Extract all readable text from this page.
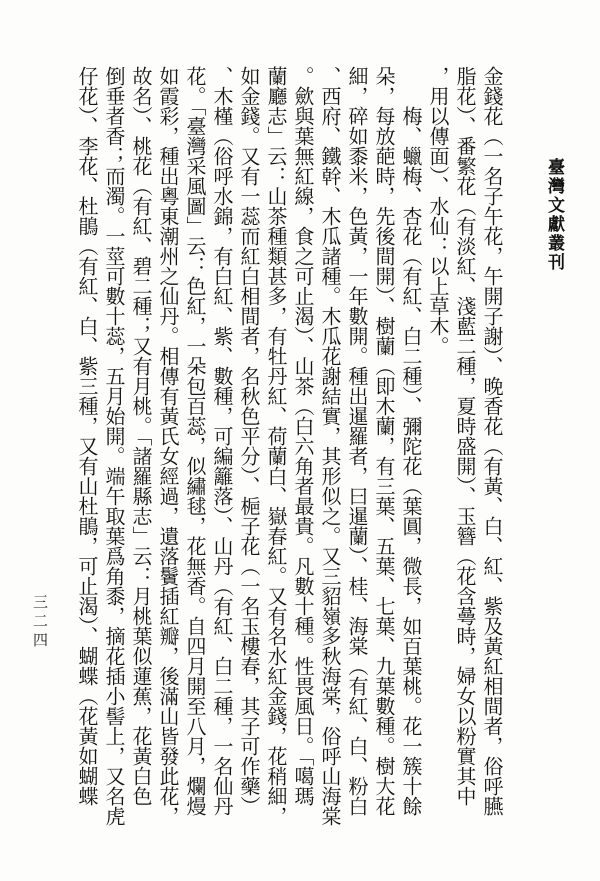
臺灣文獻叢刊
三二四	金錢花（一名子午花，午開子謝）、晚香花（有黃、白、紅、紫及黃紅相間者，俗呼臙

脂花）、番繁花（有淡紅、淺藍二種，夏時盛開）、玉簪（花含蕚時，婦女以粉實其中

，用以傳面）、水仙：以上草木。

　　梅、蠟梅、杏花（有紅、白二種）、彌陀花（葉圓，微長，如百葉桃。花一簇十餘

朵，每放葩時，先後間開）、樹蘭（即木蘭，有三葉、五葉、七葉、九葉數種。樹大花

細，碎如黍米，色黃，一年數開。種出暹羅者，曰暹蘭）、桂、海棠（有紅、白、粉白

、西府、鐵幹、木瓜諸種。木瓜花謝結實，其形似之。又三貂嶺多秋海棠，俗呼山海棠

。歛與葉無紅線，食之可止渴）、山茶（白六角者最貴。凡數十種。性畏風日。「噶瑪

蘭廳志」云：山茶種類甚多，有牡丹紅、荷蘭白、嶽春紅。又有名水紅金錢，花稍細，

如金錢。又有一蕊而紅白相間者，名秋色平分）、梔子花（一名玉樓春，其子可作藥）

、木槿（俗呼水錦，有白紅、紫、數種，可編籬落）、山丹（有紅、白二種，一名仙丹

花。「臺灣采風圖」云：色紅，一朵包百蕊，似繡毬，花無香。自四月開至八月，爛熳

如霞彩，種出粵東潮州之仙丹。相傳有黃氏女經過，遺落鬢插紅瓣，後滿山皆發此花，

故名）、桃花（有紅、碧二種；又有月桃。「諸羅縣志」云：月桃葉似蓮蕉，花黃白色

倒垂者香；而濁。一莖可數十蕊，五月始開。端午取葉爲角黍，摘花插小髻上，又名虎

仔花）、李花、杜鵑（有紅、白、紫三種，又有山杜鵑，可止渴）、蝴蝶（花黃如蝴蝶
